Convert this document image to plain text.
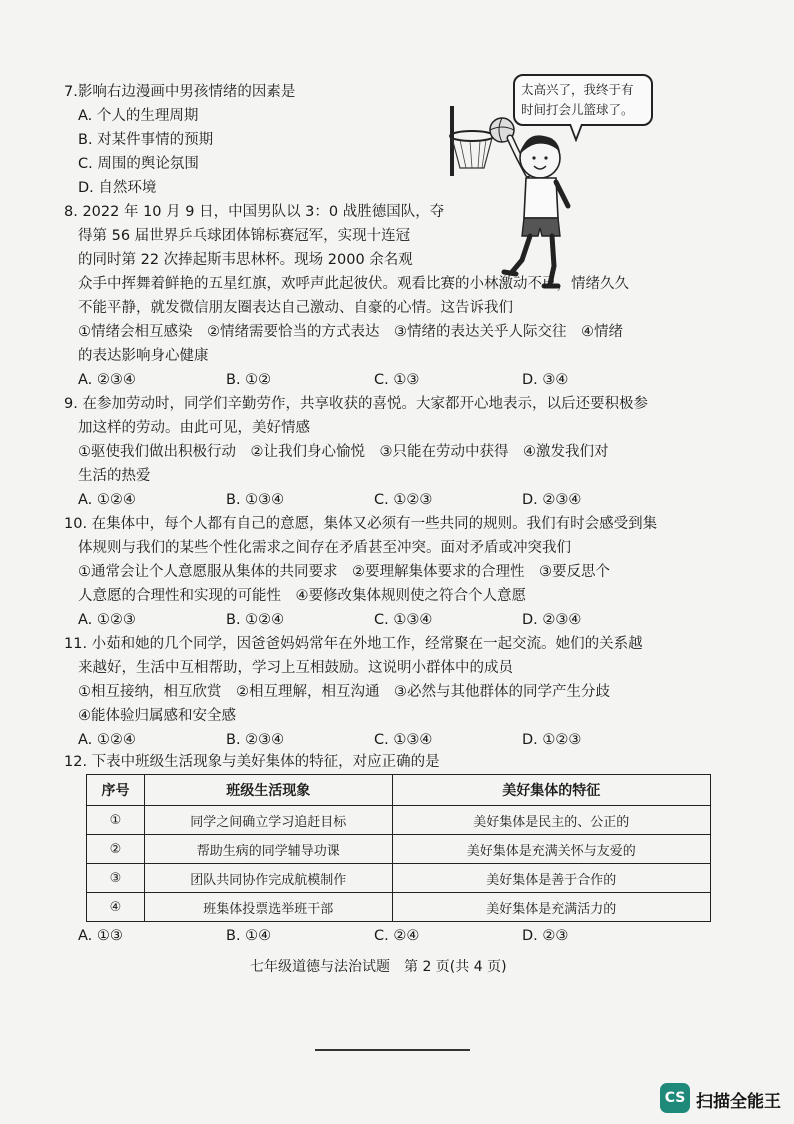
7.影响右边漫画中男孩情绪的因素是
A. 个人的生理周期
B. 对某件事情的预期
C. 周围的舆论氛围
D. 自然环境
太高兴了，我终于有时间打会儿篮球了。
8. 2022 年 10 月 9 日，中国男队以 3：0 战胜德国队，夺
得第 56 届世界乒乓球团体锦标赛冠军，实现十连冠
的同时第 22 次捧起斯韦思林杯。现场 2000 余名观
众手中挥舞着鲜艳的五星红旗，欢呼声此起彼伏。观看比赛的小林激动不已，情绪久久
不能平静，就发微信朋友圈表达自己激动、自豪的心情。这告诉我们
①情绪会相互感染　②情绪需要恰当的方式表达　③情绪的表达关乎人际交往　④情绪
的表达影响身心健康
A. ②③④	B. ①②	C. ①③	D. ③④
9. 在参加劳动时，同学们辛勤劳作，共享收获的喜悦。大家都开心地表示，以后还要积极参
加这样的劳动。由此可见，美好情感
①驱使我们做出积极行动　②让我们身心愉悦　③只能在劳动中获得　④激发我们对
生活的热爱
A. ①②④	B. ①③④	C. ①②③	D. ②③④
10. 在集体中，每个人都有自己的意愿，集体又必须有一些共同的规则。我们有时会感受到集
体规则与我们的某些个性化需求之间存在矛盾甚至冲突。面对矛盾或冲突我们
①通常会让个人意愿服从集体的共同要求　②要理解集体要求的合理性　③要反思个
人意愿的合理性和实现的可能性　④要修改集体规则使之符合个人意愿
A. ①②③	B. ①②④	C. ①③④	D. ②③④
11. 小茹和她的几个同学，因爸爸妈妈常年在外地工作，经常聚在一起交流。她们的关系越
来越好，生活中互相帮助，学习上互相鼓励。这说明小群体中的成员
①相互接纳，相互欣赏　②相互理解，相互沟通　③必然与其他群体的同学产生分歧
④能体验归属感和安全感
A. ①②④	B. ②③④	C. ①③④	D. ①②③
12. 下表中班级生活现象与美好集体的特征，对应正确的是
序号	班级生活现象	美好集体的特征
①	同学之间确立学习追赶目标	美好集体是民主的、公正的
②	帮助生病的同学辅导功课	美好集体是充满关怀与友爱的
③	团队共同协作完成航模制作	美好集体是善于合作的
④	班集体投票选举班干部	美好集体是充满活力的
A. ①③	B. ①④	C. ②④	D. ②③
七年级道德与法治试题　第 2 页(共 4 页)
CS 扫描全能王
